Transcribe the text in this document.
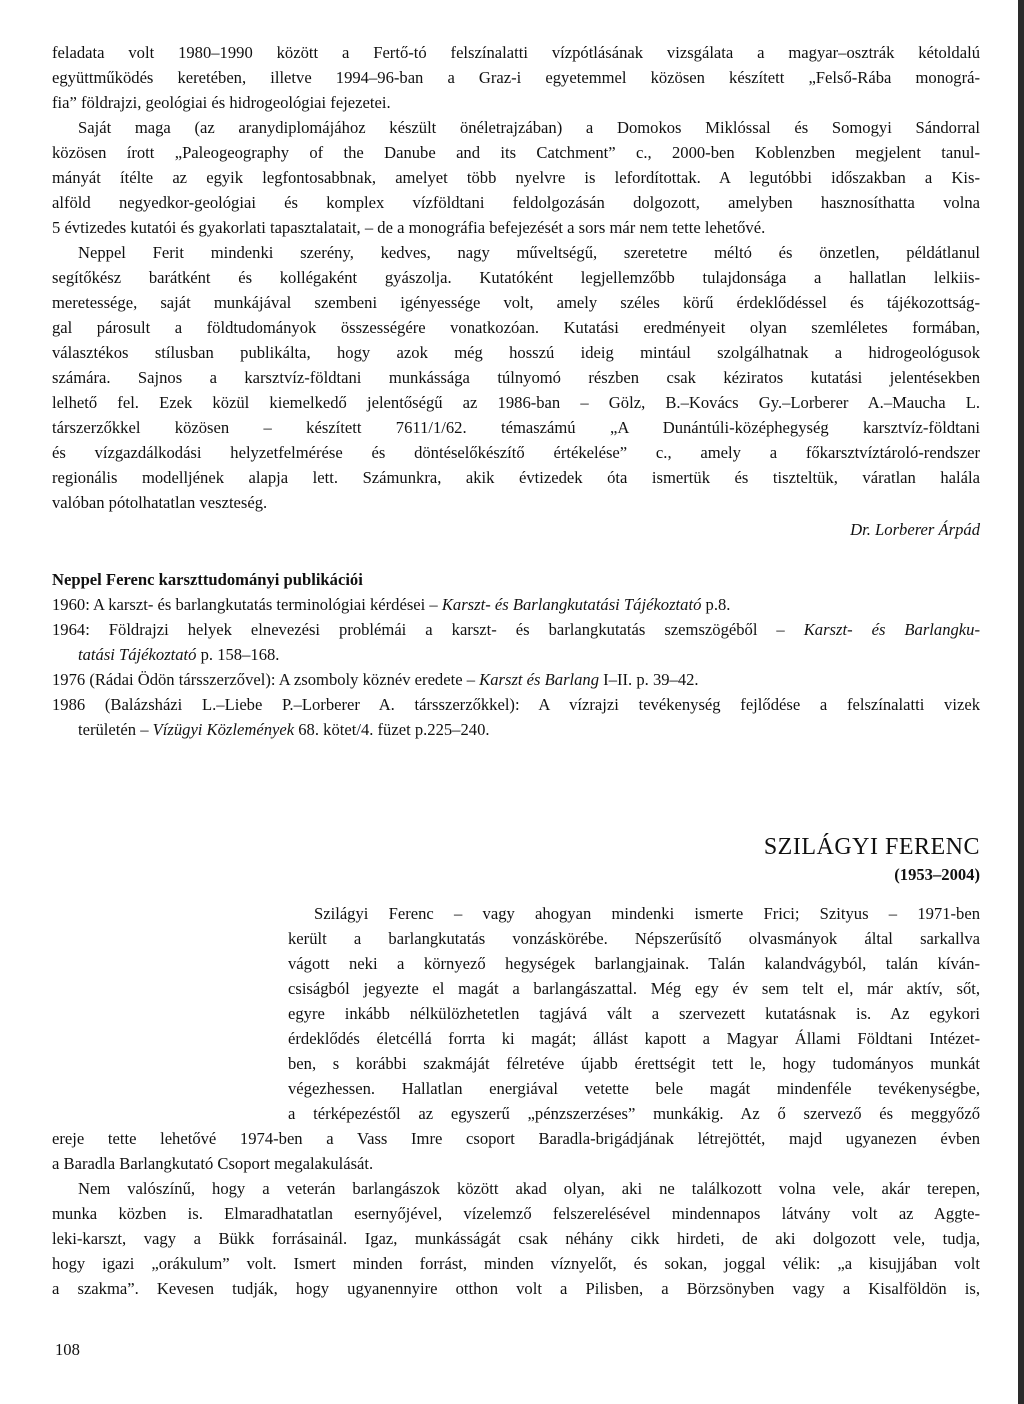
feladata volt 1980–1990 között a Fertő-tó felszínalatti vízpótlásának vizsgálata a magyar–osztrák kétoldalú
együttműködés keretében, illetve 1994–96-ban a Graz-i egyetemmel közösen készített „Felső-Rába monográ-
fia” földrajzi, geológiai és hidrogeológiai fejezetei.
Saját maga (az aranydiplomájához készült önéletrajzában) a Domokos Miklóssal és Somogyi Sándorral
közösen írott „Paleogeography of the Danube and its Catchment” c., 2000-ben Koblenzben megjelent tanul-
mányát ítélte az egyik legfontosabbnak, amelyet több nyelvre is lefordítottak. A legutóbbi időszakban a Kis-
alföld negyedkor-geológiai és komplex vízföldtani feldolgozásán dolgozott, amelyben hasznosíthatta volna
5 évtizedes kutatói és gyakorlati tapasztalatait, – de a monográfia befejezését a sors már nem tette lehetővé.
Neppel Ferit mindenki szerény, kedves, nagy műveltségű, szeretetre méltó és önzetlen, példátlanul
segítőkész barátként és kollégaként gyászolja. Kutatóként legjellemzőbb tulajdonsága a hallatlan lelkiis-
meretessége, saját munkájával szembeni igényessége volt, amely széles körű érdeklődéssel és tájékozottság-
gal párosult a földtudományok összességére vonatkozóan. Kutatási eredményeit olyan szemléletes formában,
választékos stílusban publikálta, hogy azok még hosszú ideig mintául szolgálhatnak a hidrogeológusok
számára. Sajnos a karsztvíz-földtani munkássága túlnyomó részben csak kéziratos kutatási jelentésekben
lelhető fel. Ezek közül kiemelkedő jelentőségű az 1986-ban – Gölz, B.–Kovács Gy.–Lorberer A.–Maucha L.
társzerzőkkel közösen – készített 7611/1/62. témaszámú „A Dunántúli-középhegység karsztvíz-földtani
és vízgazdálkodási helyzetfelmérése és döntéselőkészítő értékelése” c., amely a főkarsztvíztároló-rendszer
regionális modelljének alapja lett. Számunkra, akik évtizedek óta ismertük és tiszteltük, váratlan halála
valóban pótolhatatlan veszteség.
Dr. Lorberer Árpád
Neppel Ferenc karszttudományi publikációi
1960: A karszt- és barlangkutatás terminológiai kérdései – Karszt- és Barlangkutatási Tájékoztató p.8.
1964: Földrajzi helyek elnevezési problémái a karszt- és barlangkutatás szemszögéből – Karszt- és Barlangku-
tatási Tájékoztató p. 158–168.
1976 (Rádai Ödön társszerzővel): A zsomboly köznév eredete – Karszt és Barlang I–II. p. 39–42.
1986 (Balázsházi L.–Liebe P.–Lorberer A. társszerzőkkel): A vízrajzi tevékenység fejlődése a felszínalatti vizek
területén – Vízügyi Közlemények 68. kötet/4. füzet p.225–240.
SZILÁGYI FERENC
(1953–2004)
Szilágyi Ferenc – vagy ahogyan mindenki ismerte Frici; Szityus – 1971-ben
került a barlangkutatás vonzáskörébe. Népszerűsítő olvasmányok által sarkallva
vágott neki a környező hegységek barlangjainak. Talán kalandvágyból, talán kíván-
csiságból jegyezte el magát a barlangászattal. Még egy év sem telt el, már aktív, sőt,
egyre inkább nélkülözhetetlen tagjává vált a szervezett kutatásnak is. Az egykori
érdeklődés életcéllá forrta ki magát; állást kapott a Magyar Állami Földtani Intézet-
ben, s korábbi szakmáját félretéve újabb érettségit tett le, hogy tudományos munkát
végezhessen. Hallatlan energiával vetette bele magát mindenféle tevékenységbe,
a térképezéstől az egyszerű „pénzszerzéses” munkákig. Az ő szervező és meggyőző
ereje tette lehetővé 1974-ben a Vass Imre csoport Baradla-brigádjának létrejöttét, majd ugyanezen évben
a Baradla Barlangkutató Csoport megalakulását.
Nem valószínű, hogy a veterán barlangászok között akad olyan, aki ne találkozott volna vele, akár terepen,
munka közben is. Elmaradhatatlan esernyőjével, vízelemző felszerelésével mindennapos látvány volt az Aggte-
leki-karszt, vagy a Bükk forrásainál. Igaz, munkásságát csak néhány cikk hirdeti, de aki dolgozott vele, tudja,
hogy igazi „orákulum” volt. Ismert minden forrást, minden víznyelőt, és sokan, joggal vélik: „a kisujjában volt
a szakma”. Kevesen tudják, hogy ugyanennyire otthon volt a Pilisben, a Börzsönyben vagy a Kisalföldön is,
108
